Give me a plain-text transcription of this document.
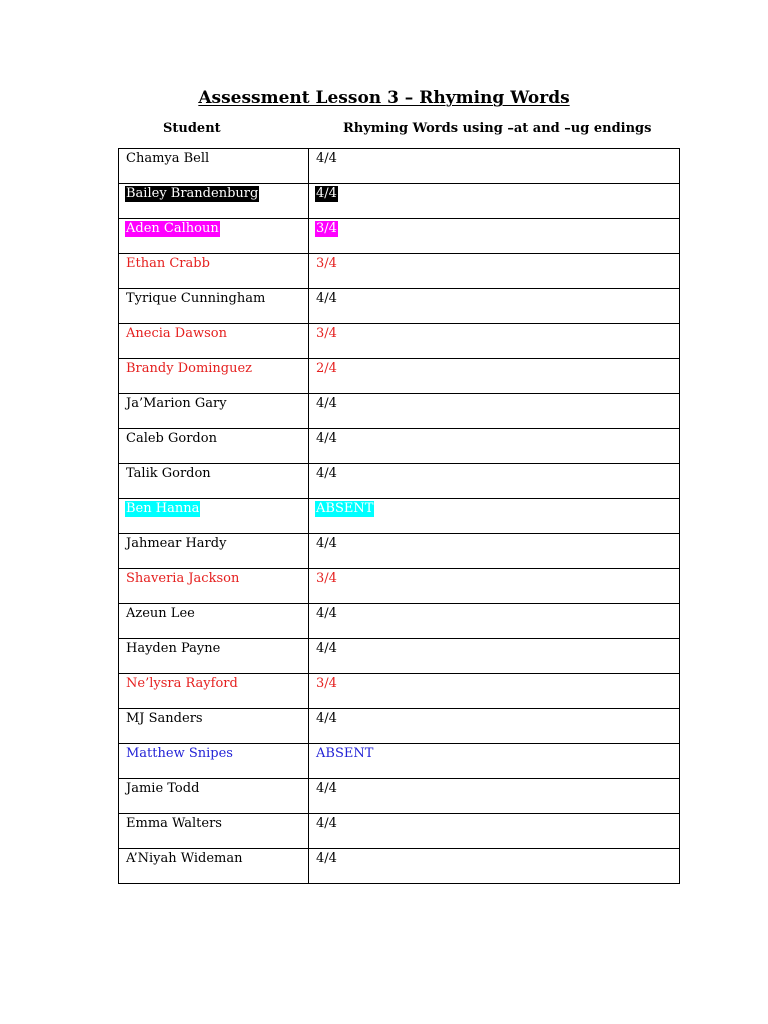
Assessment Lesson 3 – Rhyming Words
Student	Rhyming Words using –at and –ug endings
Chamya Bell	4/4
Bailey Brandenburg	4/4
Aden Calhoun	3/4
Ethan Crabb	3/4
Tyrique Cunningham	4/4
Anecia Dawson	3/4
Brandy Dominguez	2/4
Ja’Marion Gary	4/4
Caleb Gordon	4/4
Talik Gordon	4/4
Ben Hanna	ABSENT
Jahmear Hardy	4/4
Shaveria Jackson	3/4
Azeun Lee	4/4
Hayden Payne	4/4
Ne’lysra Rayford	3/4
MJ Sanders	4/4
Matthew Snipes	ABSENT
Jamie Todd	4/4
Emma Walters	4/4
A’Niyah Wideman	4/4
